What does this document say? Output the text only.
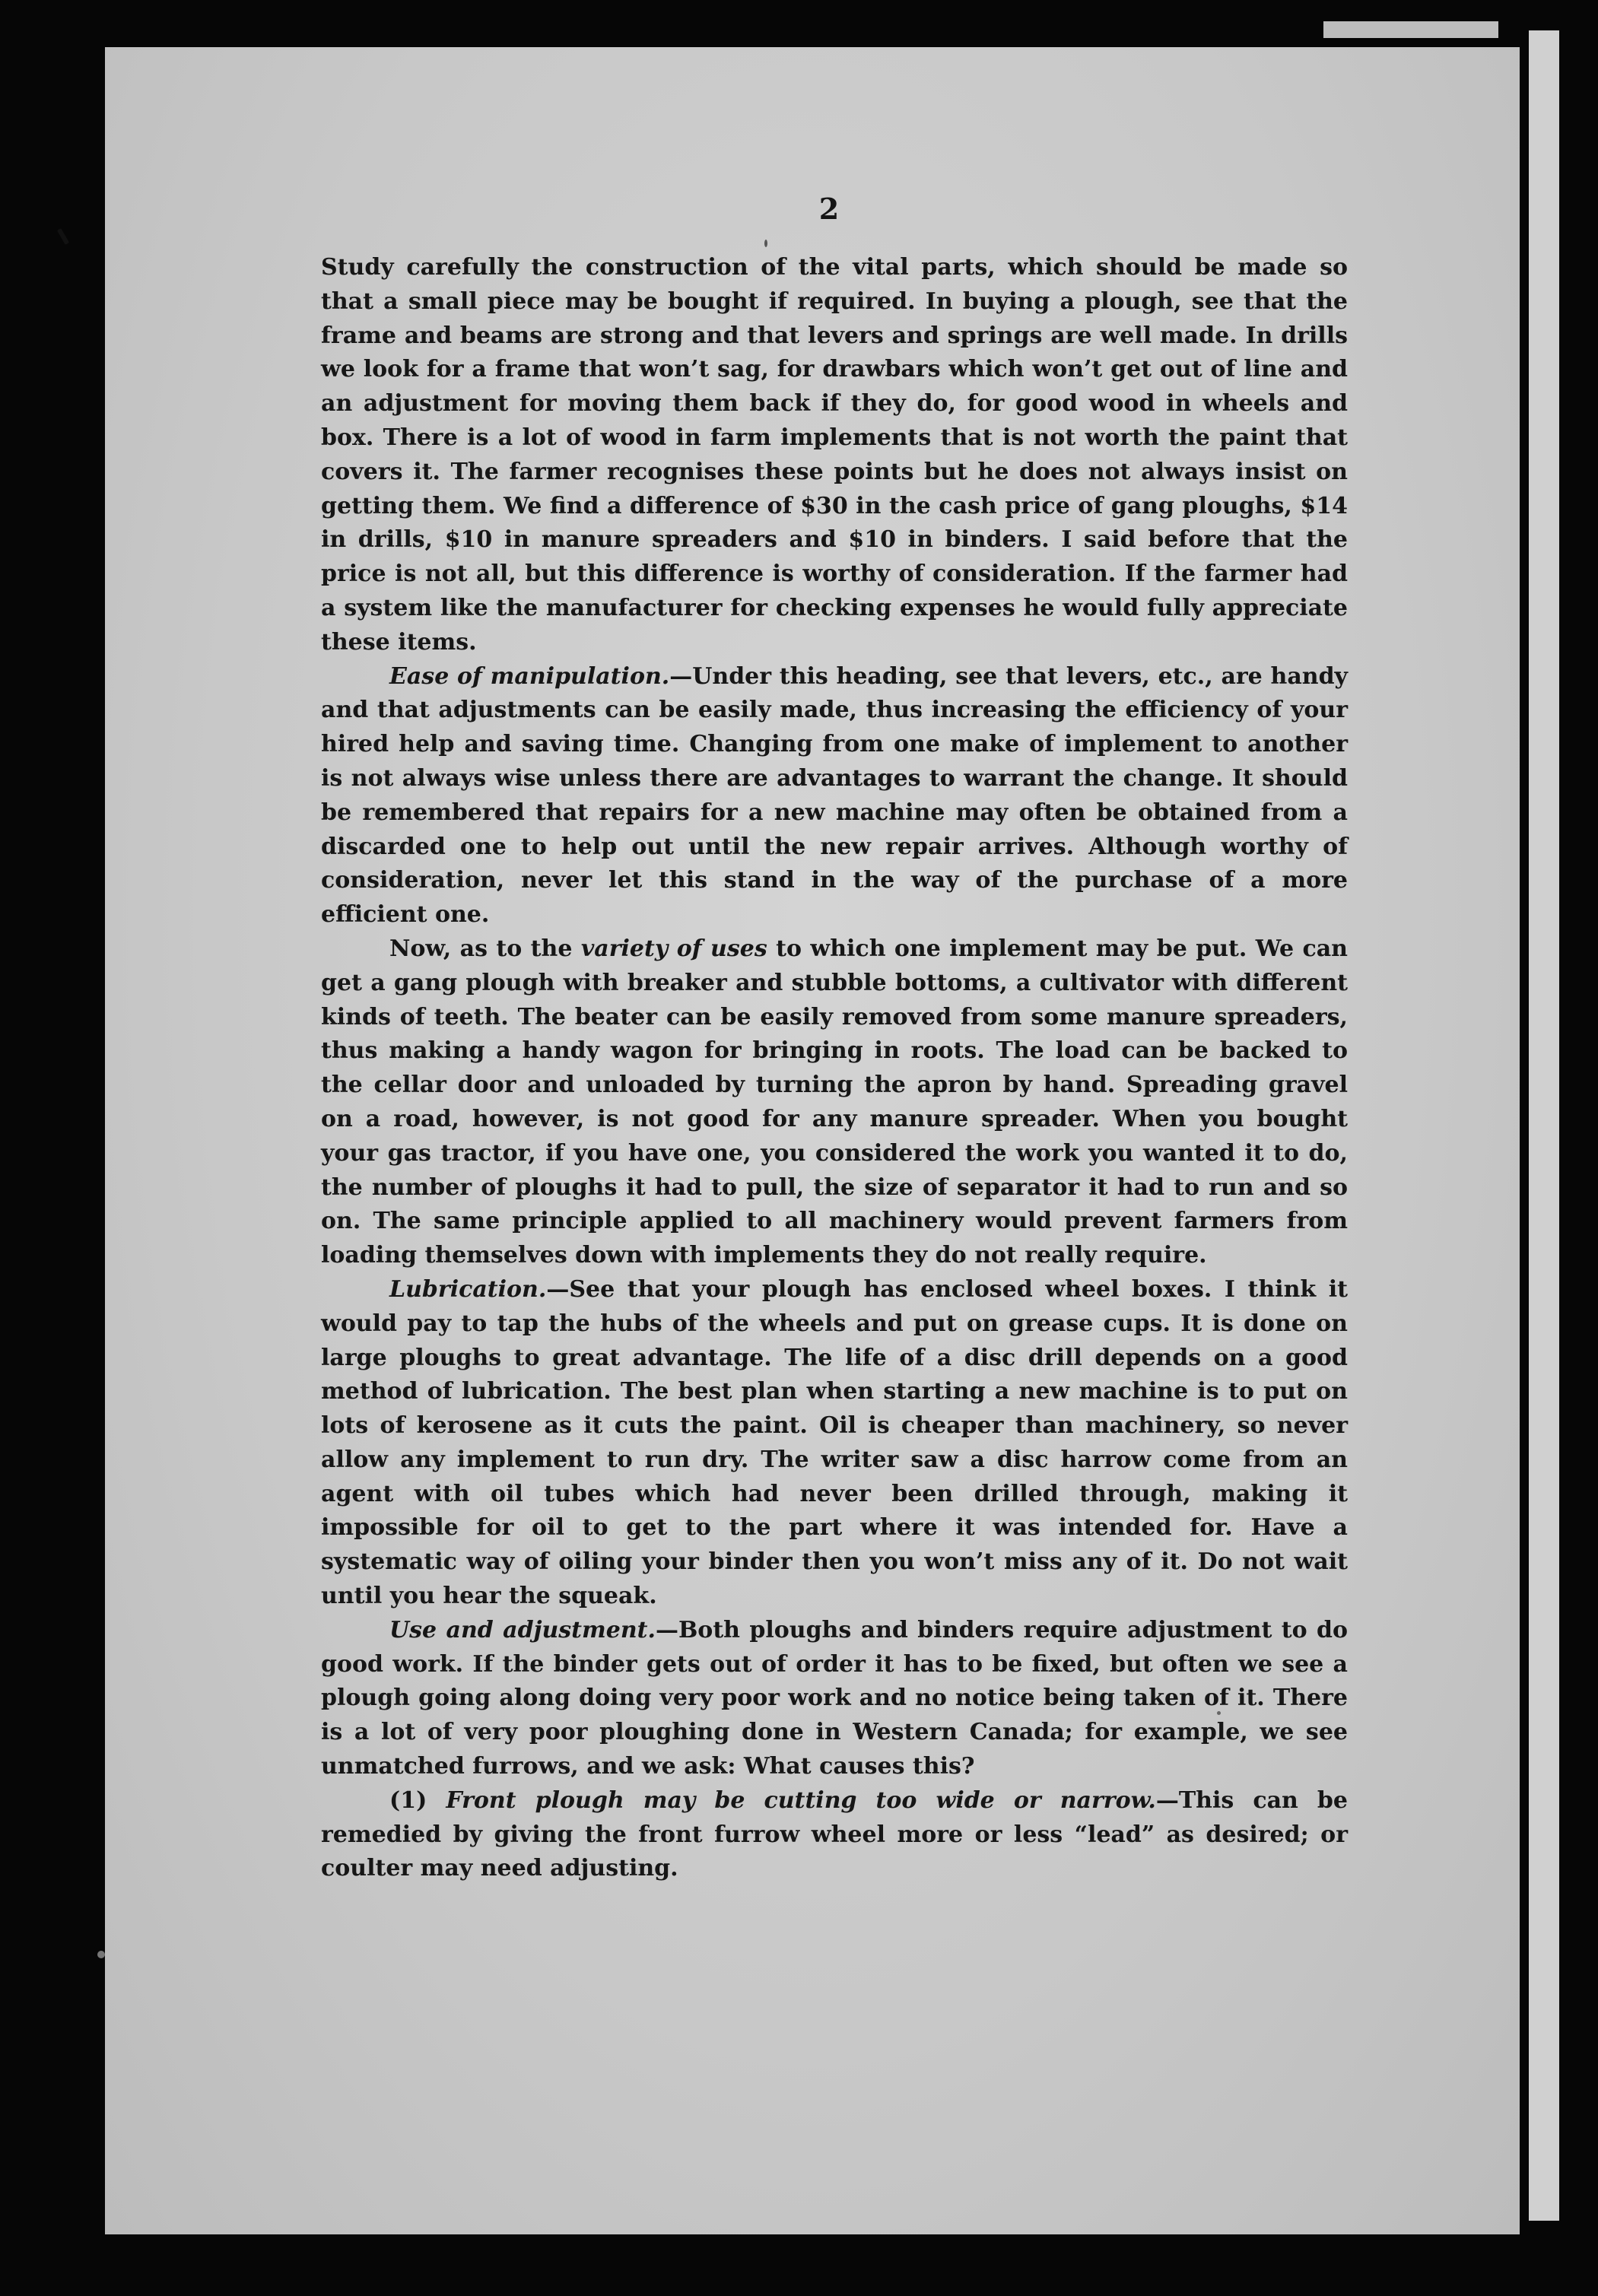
2

Study carefully the construction of the vital parts, which should be made so that a small piece may be bought if required. In buying a plough, see that the frame and beams are strong and that levers and springs are well made. In drills we look for a frame that won’t sag, for drawbars which won’t get out of line and an adjustment for moving them back if they do, for good wood in wheels and box. There is a lot of wood in farm implements that is not worth the paint that covers it. The farmer recognises these points but he does not always insist on getting them. We find a difference of $30 in the cash price of gang ploughs, $14 in drills, $10 in manure spreaders and $10 in binders. I said before that the price is not all, but this difference is worthy of consideration. If the farmer had a system like the manufacturer for checking expenses he would fully appreciate these items.

Ease of manipulation.—Under this heading, see that levers, etc., are handy and that adjustments can be easily made, thus increasing the efficiency of your hired help and saving time. Changing from one make of implement to another is not always wise unless there are advantages to warrant the change. It should be remembered that repairs for a new machine may often be obtained from a discarded one to help out until the new repair arrives. Although worthy of consideration, never let this stand in the way of the purchase of a more efficient one.

Now, as to the variety of uses to which one implement may be put. We can get a gang plough with breaker and stubble bottoms, a cultivator with different kinds of teeth. The beater can be easily removed from some manure spreaders, thus making a handy wagon for bringing in roots. The load can be backed to the cellar door and unloaded by turning the apron by hand. Spreading gravel on a road, however, is not good for any manure spreader. When you bought your gas tractor, if you have one, you considered the work you wanted it to do, the number of ploughs it had to pull, the size of separator it had to run and so on. The same principle applied to all machinery would prevent farmers from loading themselves down with implements they do not really require.

Lubrication.—See that your plough has enclosed wheel boxes. I think it would pay to tap the hubs of the wheels and put on grease cups. It is done on large ploughs to great advantage. The life of a disc drill depends on a good method of lubrication. The best plan when starting a new machine is to put on lots of kerosene as it cuts the paint. Oil is cheaper than machinery, so never allow any implement to run dry. The writer saw a disc harrow come from an agent with oil tubes which had never been drilled through, making it impossible for oil to get to the part where it was intended for. Have a systematic way of oiling your binder then you won’t miss any of it. Do not wait until you hear the squeak.

Use and adjustment.—Both ploughs and binders require adjustment to do good work. If the binder gets out of order it has to be fixed, but often we see a plough going along doing very poor work and no notice being taken of it. There is a lot of very poor ploughing done in Western Canada; for example, we see unmatched furrows, and we ask: What causes this?

(1) Front plough may be cutting too wide or narrow.—This can be remedied by giving the front furrow wheel more or less “lead” as desired; or coulter may need adjusting.
